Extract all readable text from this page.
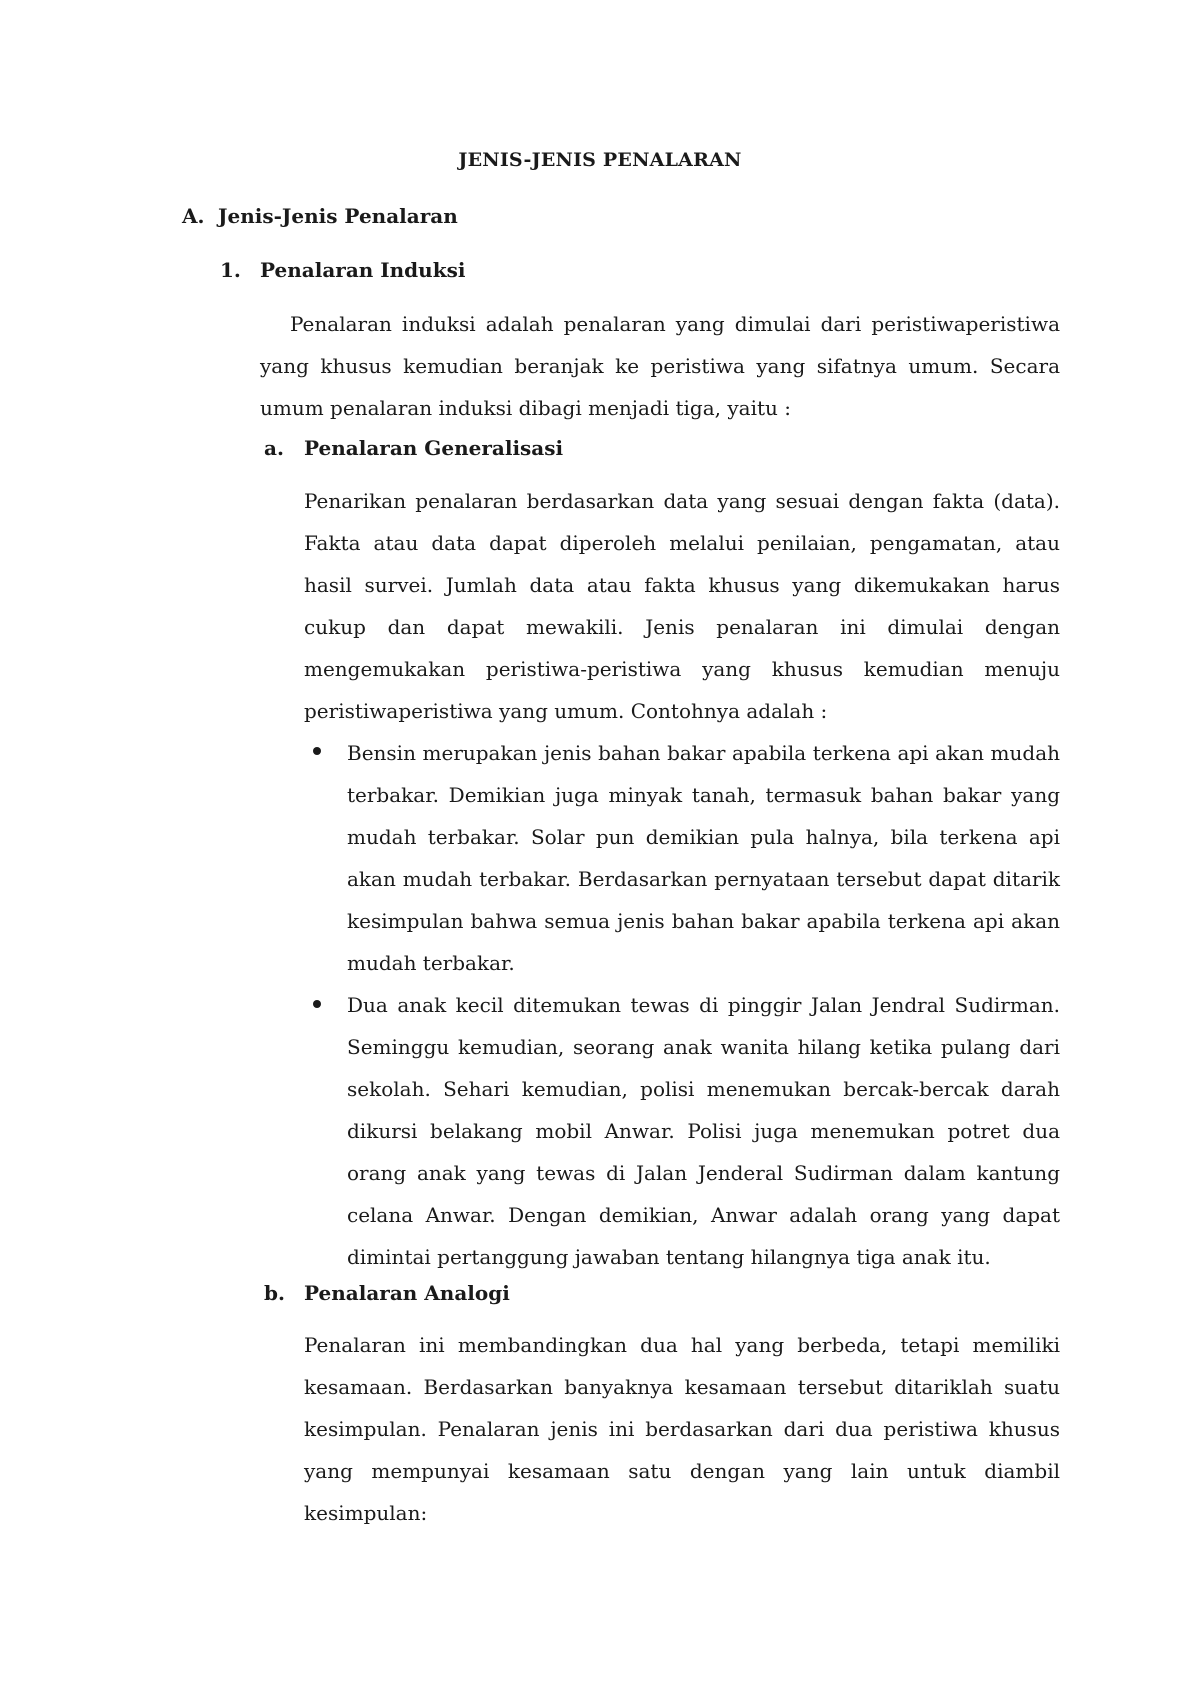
JENIS-JENIS PENALARAN
A. Jenis-Jenis Penalaran
1. Penalaran Induksi
Penalaran induksi adalah penalaran yang dimulai dari peristiwaperistiwa yang khusus kemudian beranjak ke peristiwa yang sifatnya umum. Secara umum penalaran induksi dibagi menjadi tiga, yaitu :
a. Penalaran Generalisasi
Penarikan penalaran berdasarkan data yang sesuai dengan fakta (data). Fakta atau data dapat diperoleh melalui penilaian, pengamatan, atau hasil survei. Jumlah data atau fakta khusus yang dikemukakan harus cukup dan dapat mewakili. Jenis penalaran ini dimulai dengan mengemukakan peristiwa-peristiwa yang khusus kemudian menuju peristiwaperistiwa yang umum. Contohnya adalah :
Bensin merupakan jenis bahan bakar apabila terkena api akan mudah terbakar. Demikian juga minyak tanah, termasuk bahan bakar yang mudah terbakar. Solar pun demikian pula halnya, bila terkena api akan mudah terbakar. Berdasarkan pernyataan tersebut dapat ditarik kesimpulan bahwa semua jenis bahan bakar apabila terkena api akan mudah terbakar.
Dua anak kecil ditemukan tewas di pinggir Jalan Jendral Sudirman. Seminggu kemudian, seorang anak wanita hilang ketika pulang dari sekolah. Sehari kemudian, polisi menemukan bercak-bercak darah dikursi belakang mobil Anwar. Polisi juga menemukan potret dua orang anak yang tewas di Jalan Jenderal Sudirman dalam kantung celana Anwar. Dengan demikian, Anwar adalah orang yang dapat dimintai pertanggung jawaban tentang hilangnya tiga anak itu.
b. Penalaran Analogi
Penalaran ini membandingkan dua hal yang berbeda, tetapi memiliki kesamaan. Berdasarkan banyaknya kesamaan tersebut ditariklah suatu kesimpulan. Penalaran jenis ini berdasarkan dari dua peristiwa khusus yang mempunyai kesamaan satu dengan yang lain untuk diambil kesimpulan:
